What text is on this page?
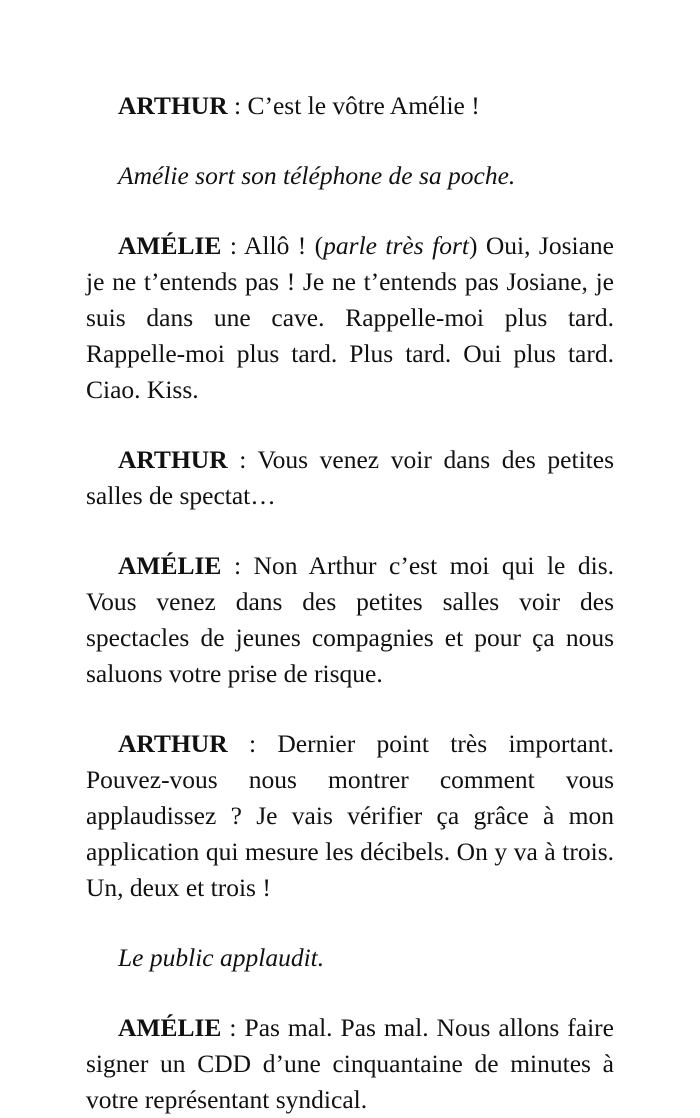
ARTHUR : C’est le vôtre Amélie !

Amélie sort son téléphone de sa poche.

AMÉLIE : Allô ! (parle très fort) Oui, Josiane je ne t’entends pas ! Je ne t’entends pas Josiane, je suis dans une cave. Rappelle-moi plus tard. Rappelle-moi plus tard. Plus tard. Oui plus tard. Ciao. Kiss.

ARTHUR : Vous venez voir dans des petites salles de spectat…

AMÉLIE : Non Arthur c’est moi qui le dis. Vous venez dans des petites salles voir des spectacles de jeunes compagnies et pour ça nous saluons votre prise de risque.

ARTHUR : Dernier point très important. Pouvez-vous nous montrer comment vous applaudissez ? Je vais vérifier ça grâce à mon application qui mesure les décibels. On y va à trois. Un, deux et trois !

Le public applaudit.

AMÉLIE : Pas mal. Pas mal. Nous allons faire signer un CDD d’une cinquantaine de minutes à votre représentant syndical.
